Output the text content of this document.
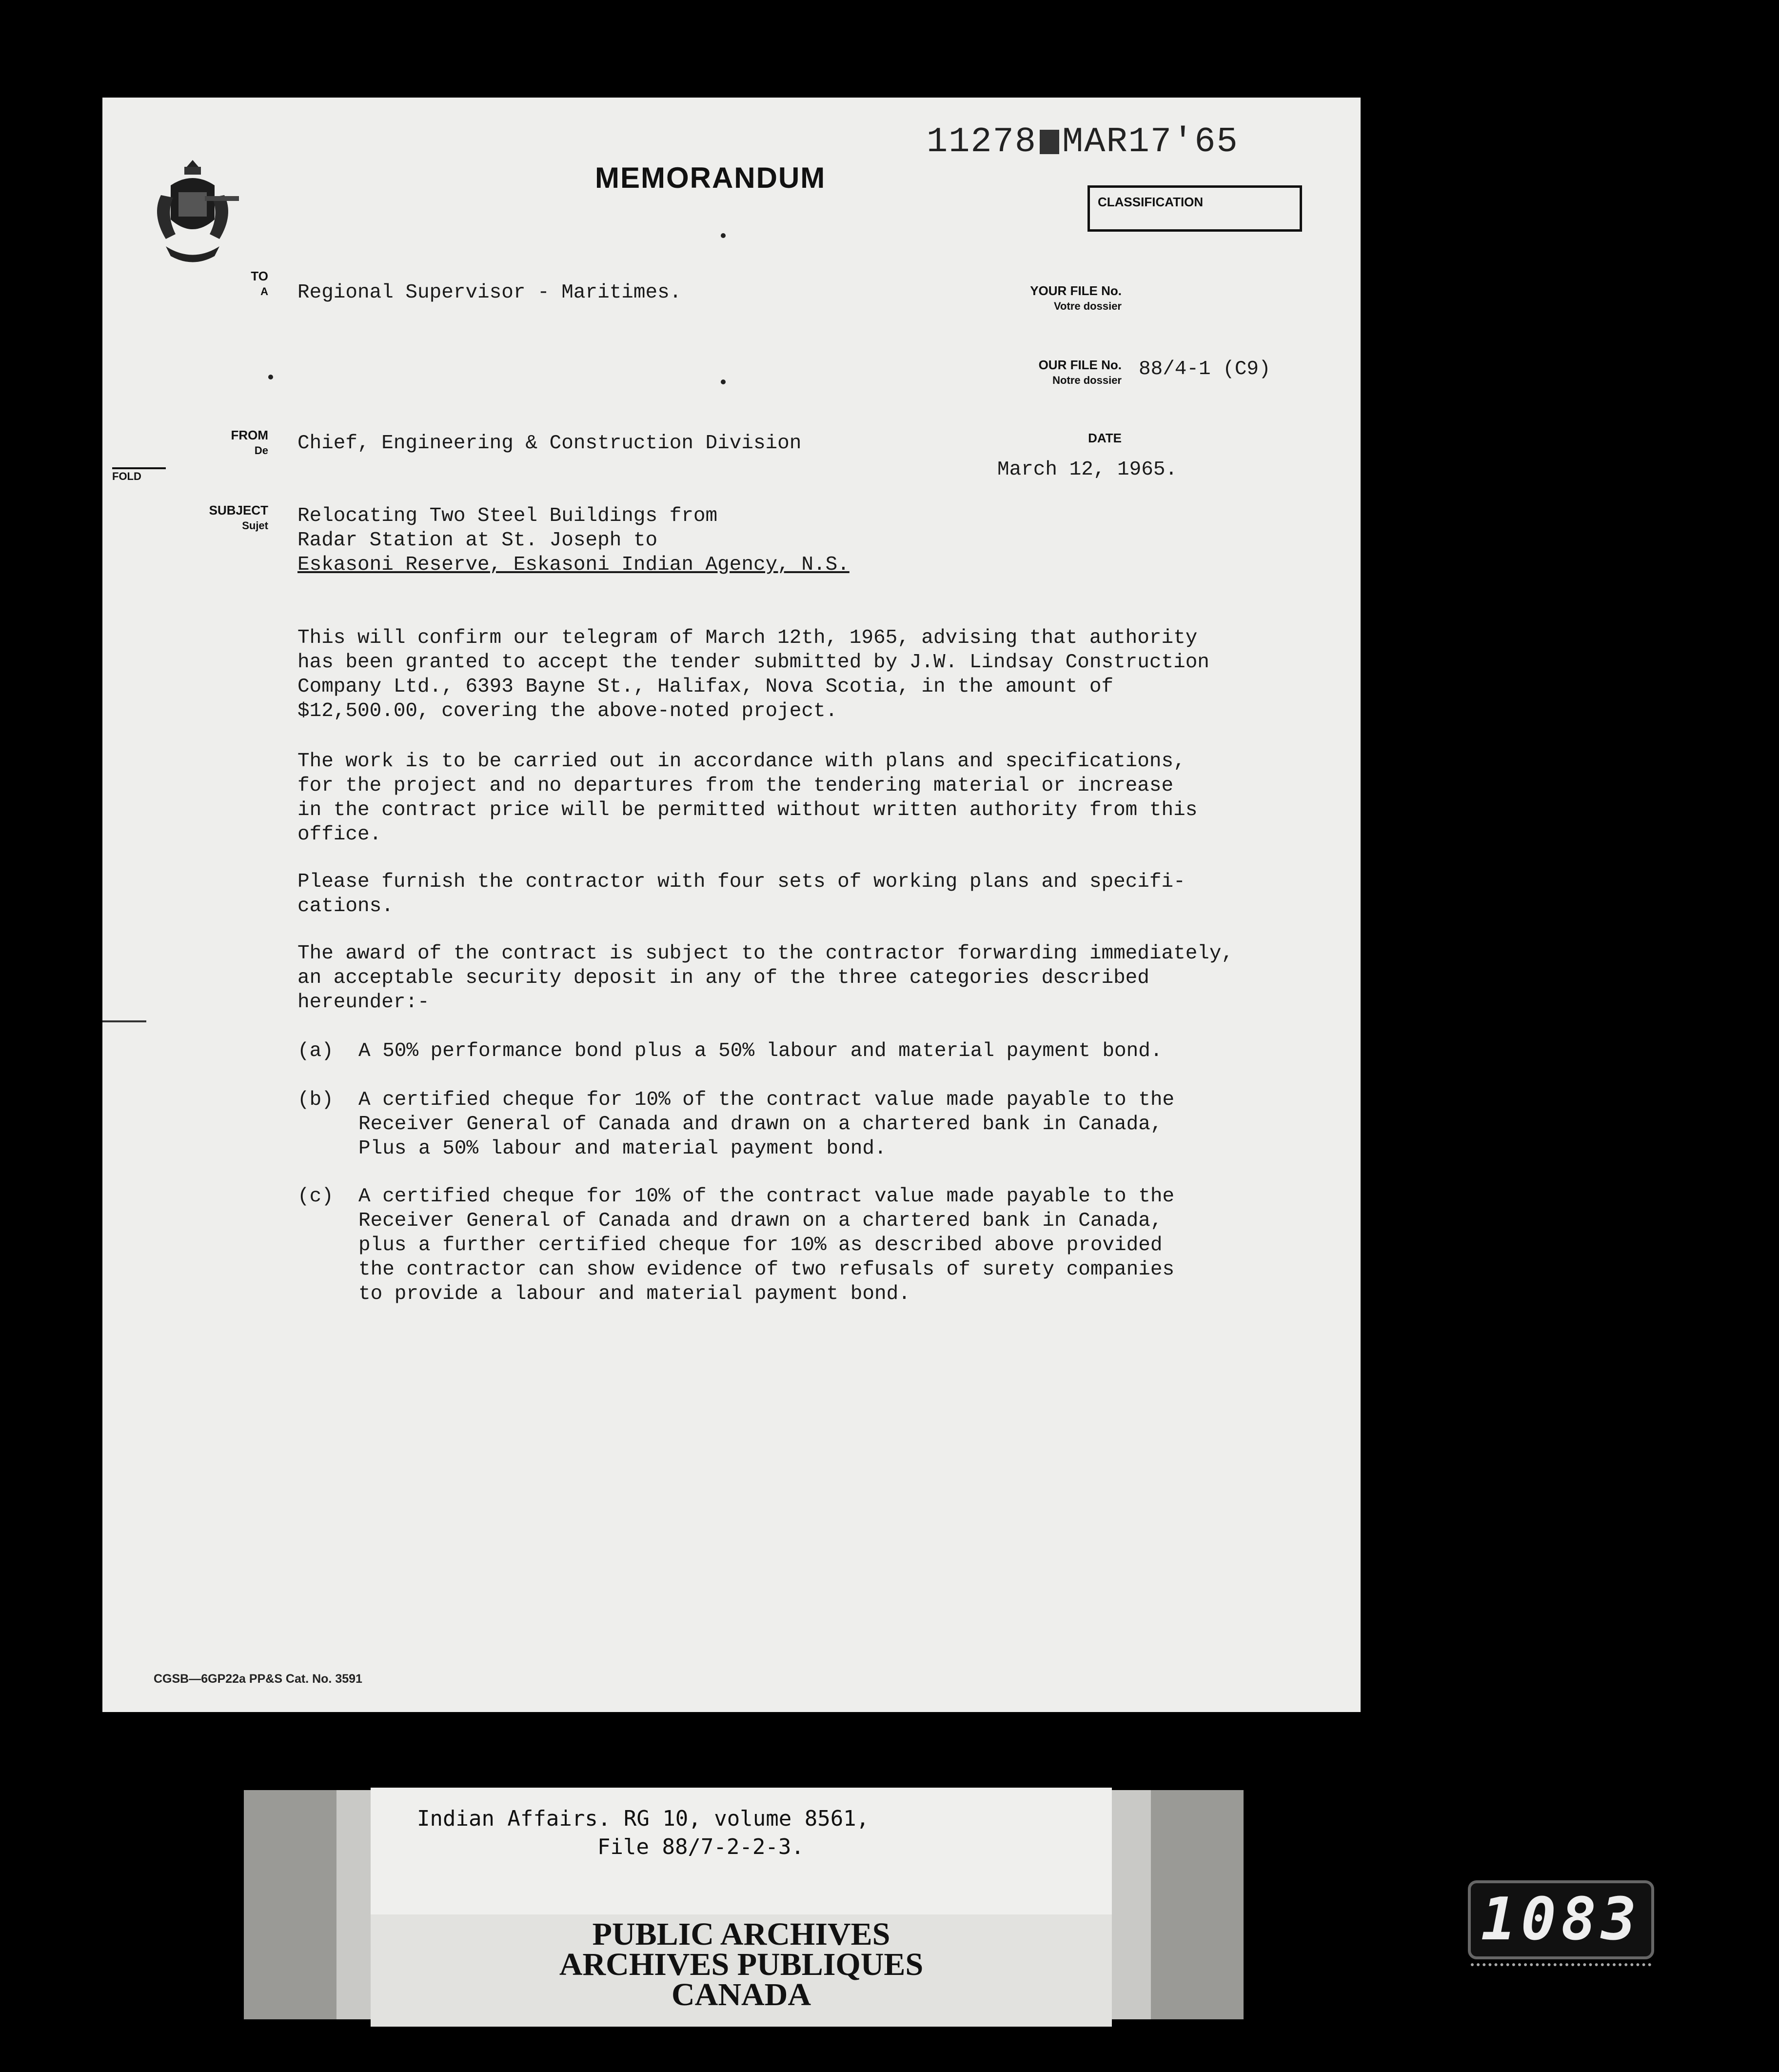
MEMORANDUM
11278 MAR17'65
CLASSIFICATION
TO
A Regional Supervisor - Maritimes.	YOUR FILE No.
Votre dossier
OUR FILE No.
Notre dossier 88/4-1 (C9)
FROM
De Chief, Engineering & Construction Division	DATE
March 12, 1965.
FOLD
SUBJECT
Sujet Relocating Two Steel Buildings from
Radar Station at St. Joseph to
Eskasoni Reserve, Eskasoni Indian Agency, N.S.
This will confirm our telegram of March 12th, 1965, advising that authority
has been granted to accept the tender submitted by J.W. Lindsay Construction
Company Ltd., 6393 Bayne St., Halifax, Nova Scotia, in the amount of
$12,500.00, covering the above-noted project.
The work is to be carried out in accordance with plans and specifications,
for the project and no departures from the tendering material or increase
in the contract price will be permitted without written authority from this
office.
Please furnish the contractor with four sets of working plans and specifi-
cations.
The award of the contract is subject to the contractor forwarding immediately,
an acceptable security deposit in any of the three categories described
hereunder:-
(a) A 50% performance bond plus a 50% labour and material payment bond.
(b) A certified cheque for 10% of the contract value made payable to the
Receiver General of Canada and drawn on a chartered bank in Canada,
Plus a 50% labour and material payment bond.
(c) A certified cheque for 10% of the contract value made payable to the
Receiver General of Canada and drawn on a chartered bank in Canada,
plus a further certified cheque for 10% as described above provided
the contractor can show evidence of two refusals of surety companies
to provide a labour and material payment bond.
CGSB—6GP22a PP&S Cat. No. 3591
Indian Affairs. RG 10, volume 8561,
File 88/7-2-2-3.
PUBLIC ARCHIVES
ARCHIVES PUBLIQUES
CANADA
1083
